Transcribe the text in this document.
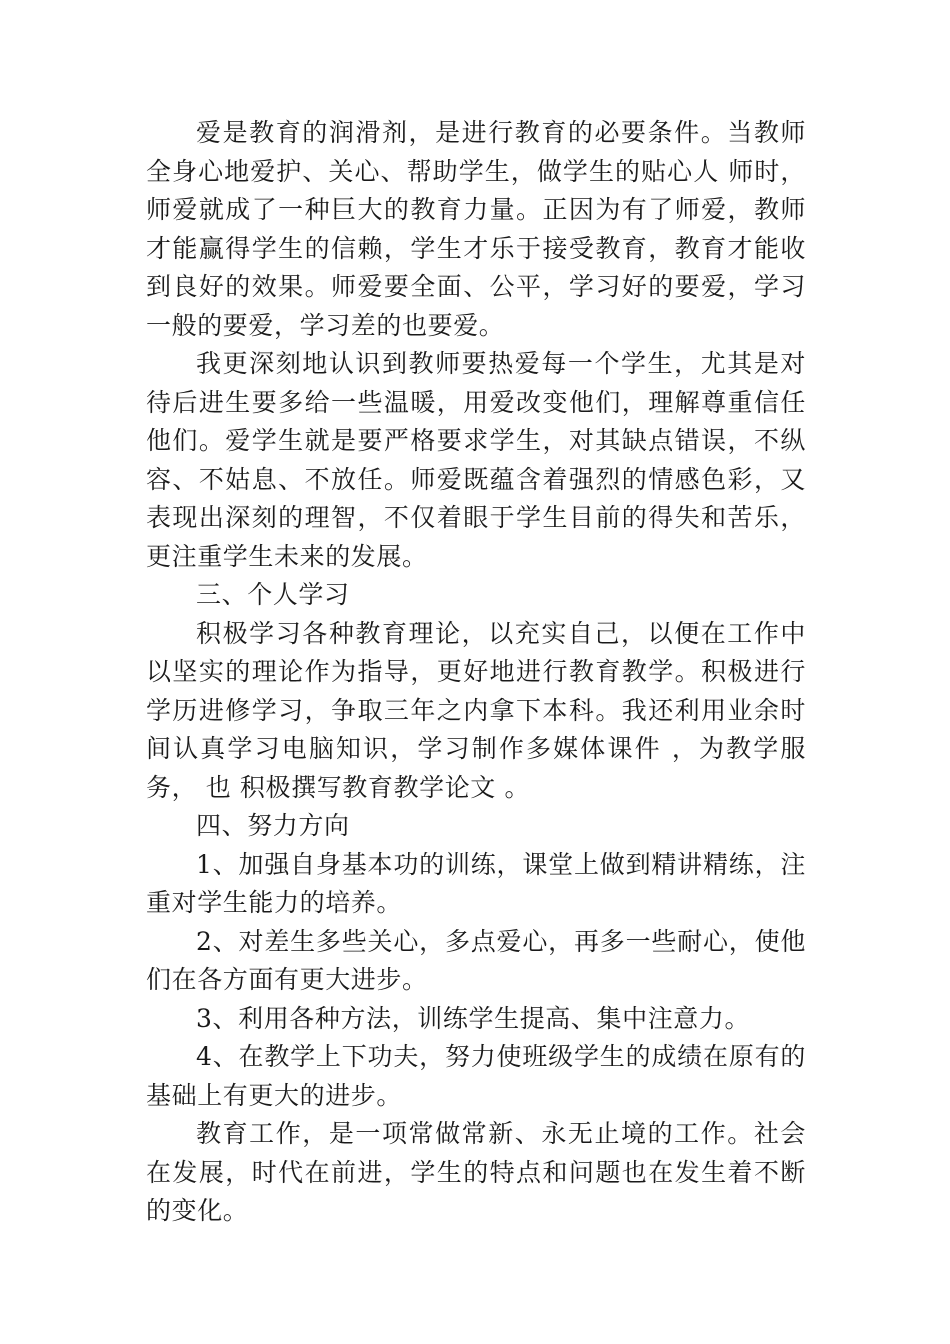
爱是教育的润滑剂，是进行教育的必要条件。当教师全身心地爱护、关心、帮助学生，做学生的贴心人 师时，师爱就成了一种巨大的教育力量。正因为有了师爱，教师才能赢得学生的信赖，学生才乐于接受教育，教育才能收到良好的效果。师爱要全面、公平，学习好的要爱，学习一般的要爱，学习差的也要爱。

我更深刻地认识到教师要热爱每一个学生，尤其是对待后进生要多给一些温暖，用爱改变他们，理解尊重信任他们。爱学生就是要严格要求学生，对其缺点错误，不纵容、不姑息、不放任。师爱既蕴含着强烈的情感色彩，又表现出深刻的理智，不仅着眼于学生目前的得失和苦乐，更注重学生未来的发展。

三、个人学习

积极学习各种教育理论，以充实自己，以便在工作中以坚实的理论作为指导，更好地进行教育教学。积极进行学历进修学习，争取三年之内拿下本科。我还利用业余时间认真学习电脑知识，学习制作多媒体课件 ，为教学服务， 也 积极撰写教育教学论文 。

四、努力方向

1、加强自身基本功的训练，课堂上做到精讲精练，注重对学生能力的培养。

2、对差生多些关心，多点爱心，再多一些耐心，使他们在各方面有更大进步。

3、利用各种方法，训练学生提高、集中注意力。

4、在教学上下功夫，努力使班级学生的成绩在原有的基础上有更大的进步。

教育工作，是一项常做常新、永无止境的工作。社会在发展，时代在前进，学生的特点和问题也在发生着不断的变化。
